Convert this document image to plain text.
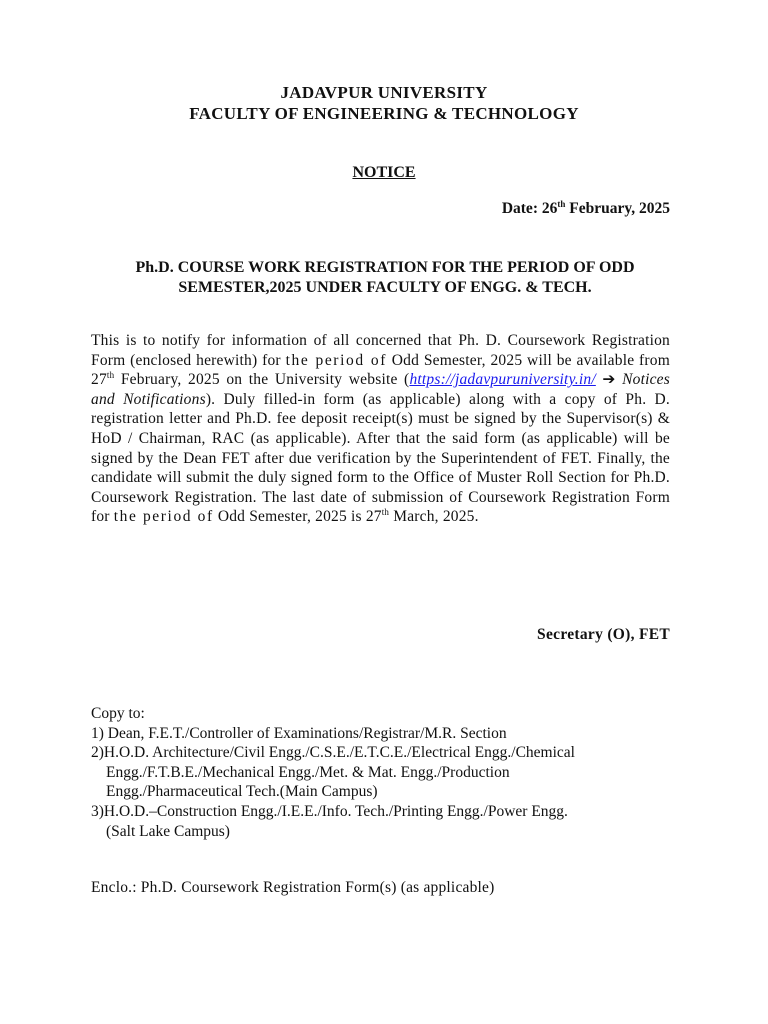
JADAVPUR UNIVERSITY
FACULTY OF ENGINEERING & TECHNOLOGY
NOTICE
Date: 26th February, 2025
Ph.D. COURSE WORK REGISTRATION FOR THE PERIOD OF ODD
SEMESTER,2025 UNDER FACULTY OF ENGG. & TECH.
This is to notify for information of all concerned that Ph. D. Coursework Registration Form (enclosed herewith) for the period of Odd Semester, 2025 will be available from 27th February, 2025 on the University website (https://jadavpuruniversity.in/ ➔ Notices and Notifications). Duly filled-in form (as applicable) along with a copy of Ph. D. registration letter and Ph.D. fee deposit receipt(s) must be signed by the Supervisor(s) & HoD / Chairman, RAC (as applicable). After that the said form (as applicable) will be signed by the Dean FET after due verification by the Superintendent of FET. Finally, the candidate will submit the duly signed form to the Office of Muster Roll Section for Ph.D. Coursework Registration. The last date of submission of Coursework Registration Form for the period of Odd Semester, 2025 is 27th March, 2025.
Secretary (O), FET
Copy to:
1) Dean, F.E.T./Controller of Examinations/Registrar/M.R. Section
2)H.O.D. Architecture/Civil Engg./C.S.E./E.T.C.E./Electrical Engg./Chemical
Engg./F.T.B.E./Mechanical Engg./Met. & Mat. Engg./Production
Engg./Pharmaceutical Tech.(Main Campus)
3)H.O.D.–Construction Engg./I.E.E./Info. Tech./Printing Engg./Power Engg.
(Salt Lake Campus)
Enclo.: Ph.D. Coursework Registration Form(s) (as applicable)
